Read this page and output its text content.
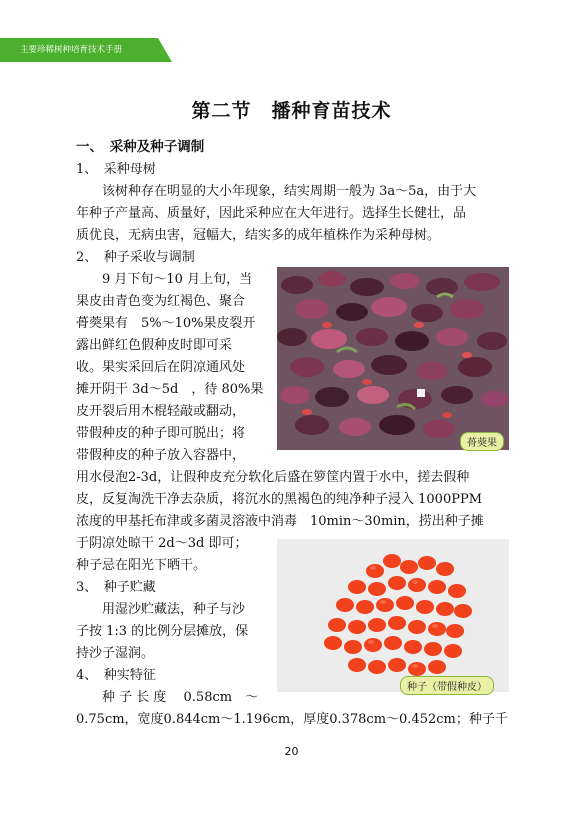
主要珍稀树种培育技术手册
第二节　播种育苗技术
一、　采种及种子调制
1、　采种母树
该树种存在明显的大小年现象，结实周期一般为 3a～5a，由于大
年种子产量高、质量好，因此采种应在大年进行。选择生长健壮，品
质优良，无病虫害，冠幅大，结实多的成年植株作为采种母树。
2、　种子采收与调制
9 月下旬～10 月上旬，当
果皮由青色变为红褐色、聚合
蓇葖果有　5%～10%果皮裂开
露出鲜红色假种皮时即可采
收。果实采回后在阴凉通风处
摊开阴干 3d～5d　，待 80%果
皮开裂后用木棍轻敲或翻动，
带假种皮的种子即可脱出；将
带假种皮的种子放入容器中，
用水侵泡2-3d，让假种皮充分软化后盛在箩筐内置于水中，搓去假种
皮，反复淘洗干净去杂质，将沉水的黑褐色的纯净种子浸入 1000PPM
浓度的甲基托布津或多菌灵溶液中消毒　10min～30min，捞出种子摊
于阴凉处晾干 2d～3d 即可；
种子忌在阳光下晒干。
3、　种子贮藏
用湿沙贮藏法，种子与沙
子按 1:3 的比例分层摊放，保
持沙子湿润。
4、　种实特征
种 子 长 度　 0.58cm　～
0.75cm，宽度0.844cm～1.196cm，厚度0.378cm～0.452cm；种子千
蓇葖果
种子（带假种皮）
20
